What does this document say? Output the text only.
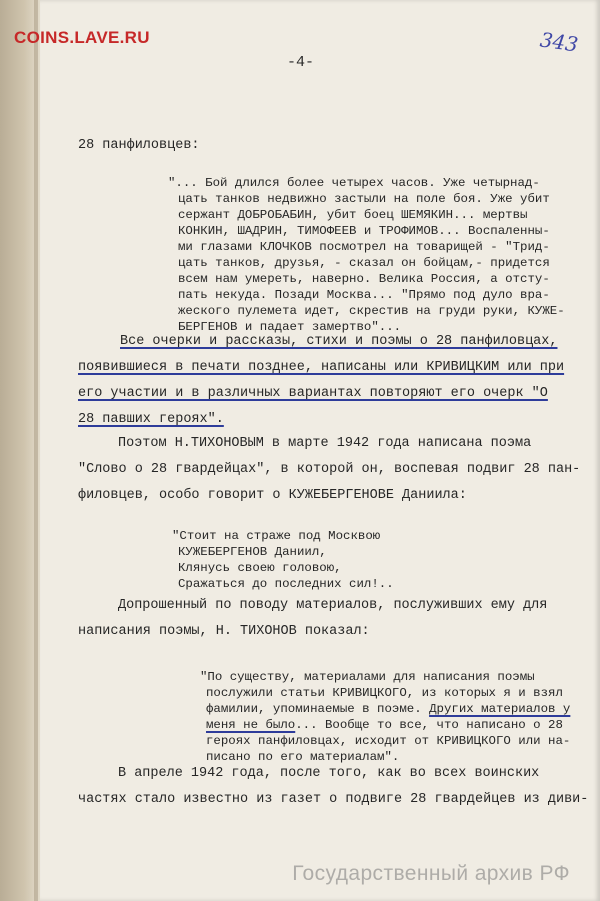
COINS.LAVE.RU
-4-
343
28 панфиловцев:
"... Бой длился более четырех часов. Уже четырнад-
цать танков недвижно застыли на поле боя. Уже убит
сержант ДОБРОБАБИН, убит боец ШЕМЯКИН... мертвы
КОНКИН, ШАДРИН, ТИМОФЕЕВ и ТРОФИМОВ... Воспаленны-
ми глазами КЛОЧКОВ посмотрел на товарищей - "Трид-
цать танков, друзья, - сказал он бойцам,- придется
всем нам умереть, наверно. Велика Россия, а отсту-
пать некуда. Позади Москва... "Прямо под дуло вра-
жеского пулемета идет, скрестив на груди руки, КУЖЕ-
БЕРГЕНОВ и падает замертво"...
Все очерки и рассказы, стихи и поэмы о 28 панфиловцах,
появившиеся в печати позднее, написаны или КРИВИЦКИМ или при
его участии и в различных вариантах повторяют его очерк "О
28 павших героях".
Поэтом Н.ТИХОНОВЫМ в марте 1942 года написана поэма
"Слово о 28 гвардейцах", в которой он, воспевая подвиг 28 пан-
филовцев, особо говорит о КУЖЕБЕРГЕНОВЕ Даниила:
"Стоит на страже под Москвою
КУЖЕБЕРГЕНОВ Даниил,
Клянусь своею головою,
Сражаться до последних сил!..
Допрошенный по поводу материалов, послуживших ему для
написания поэмы, Н. ТИХОНОВ показал:
"По существу, материалами для написания поэмы
послужили статьи КРИВИЦКОГО, из которых я и взял
фамилии, упоминаемые в поэме. Других материалов у
меня не было... Вообще то все, что написано о 28
героях панфиловцах, исходит от КРИВИЦКОГО или на-
писано по его материалам".
В апреле 1942 года, после того, как во всех воинских
частях стало известно из газет о подвиге 28 гвардейцев из диви-
Государственный архив РФ
